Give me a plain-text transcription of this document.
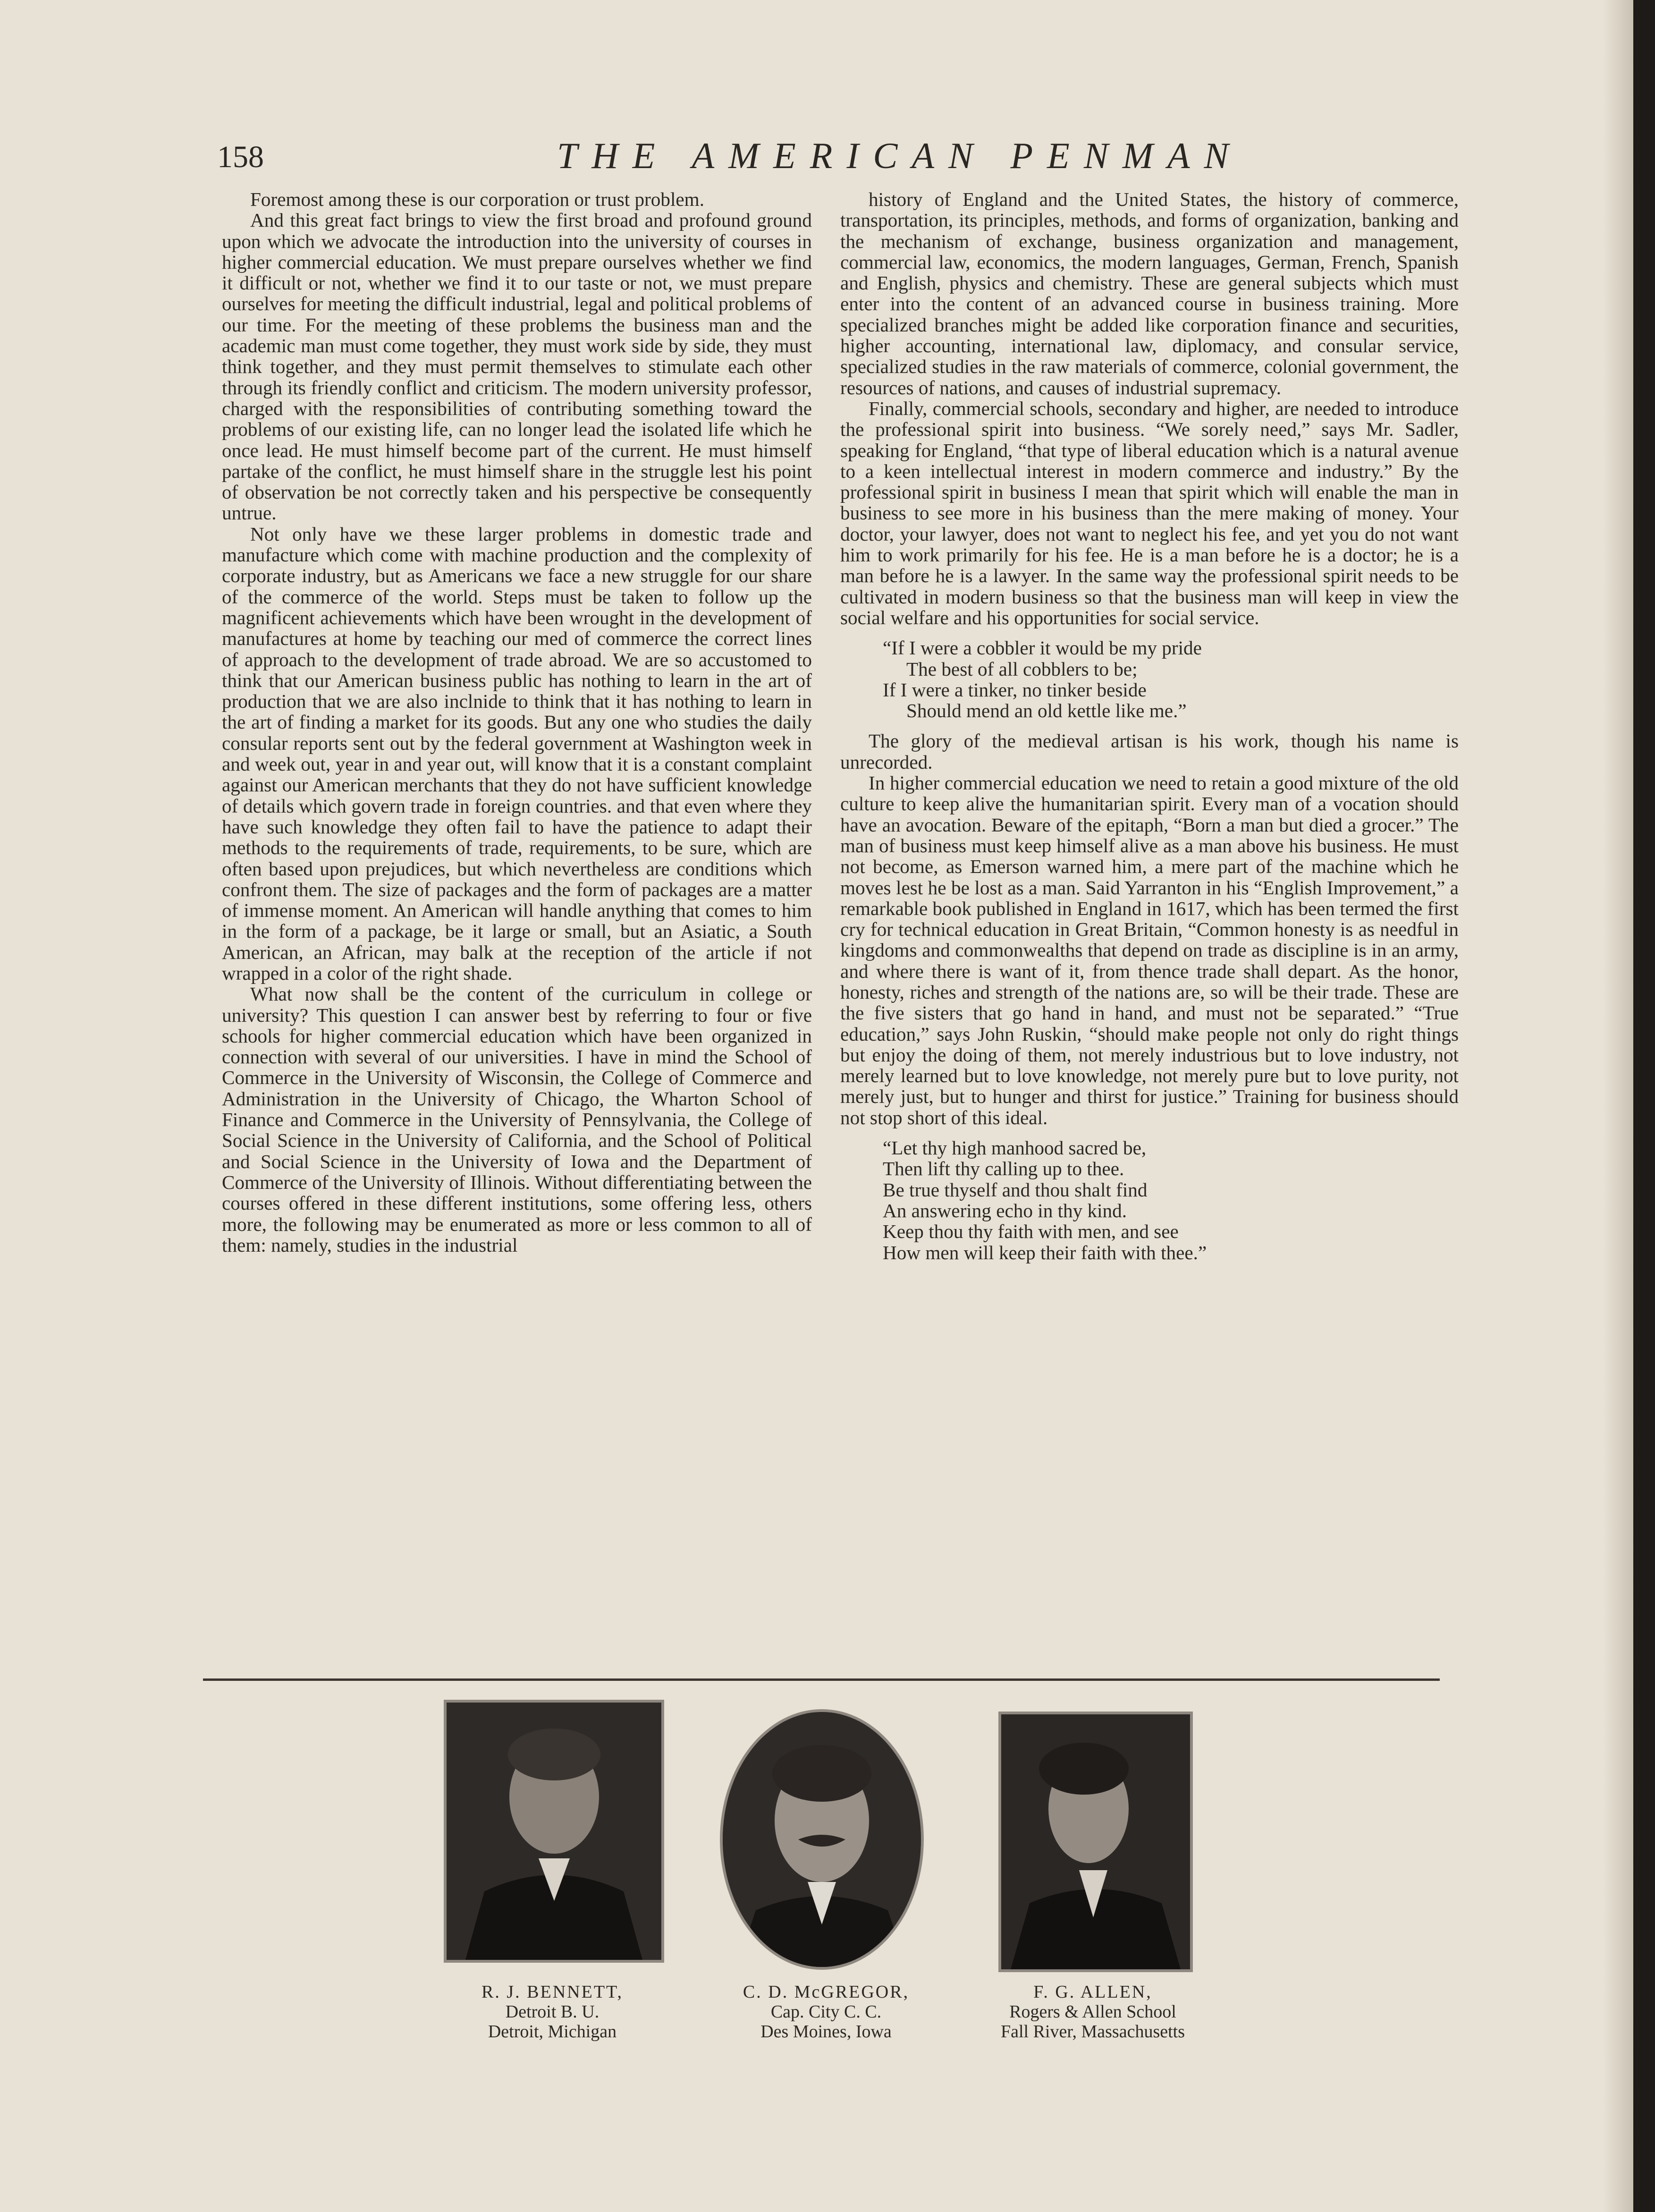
158	THE AMERICAN PENMAN

Foremost among these is our corporation or trust problem.

And this great fact brings to view the first broad and profound ground upon which we advocate the introduction into the university of courses in higher commercial education. We must prepare ourselves whether we find it difficult or not, whether we find it to our taste or not, we must prepare ourselves for meeting the difficult industrial, legal and political problems of our time. For the meeting of these problems the business man and the academic man must come together, they must work side by side, they must think together, and they must permit themselves to stimulate each other through its friendly conflict and criticism. The modern university professor, charged with the responsibilities of contributing something toward the problems of our existing life, can no longer lead the isolated life which he once lead. He must himself become part of the current. He must himself partake of the conflict, he must himself share in the struggle lest his point of observation be not correctly taken and his perspective be consequently untrue.

Not only have we these larger problems in domestic trade and manufacture which come with machine production and the complexity of corporate industry, but as Americans we face a new struggle for our share of the commerce of the world. Steps must be taken to follow up the magnificent achievements which have been wrought in the development of manufactures at home by teaching our med of commerce the correct lines of approach to the development of trade abroad. We are so accustomed to think that our American business public has nothing to learn in the art of production that we are also inclnide to think that it has nothing to learn in the art of finding a market for its goods. But any one who studies the daily consular reports sent out by the federal government at Washington week in and week out, year in and year out, will know that it is a constant complaint against our American merchants that they do not have sufficient knowledge of details which govern trade in foreign countries. and that even where they have such knowledge they often fail to have the patience to adapt their methods to the requirements of trade, requirements, to be sure, which are often based upon prejudices, but which nevertheless are conditions which confront them. The size of packages and the form of packages are a matter of immense moment. An American will handle anything that comes to him in the form of a package, be it large or small, but an Asiatic, a South American, an African, may balk at the reception of the article if not wrapped in a color of the right shade.

What now shall be the content of the curriculum in college or university? This question I can answer best by referring to four or five schools for higher commercial education which have been organized in connection with several of our universities. I have in mind the School of Commerce in the University of Wisconsin, the College of Commerce and Administration in the University of Chicago, the Wharton School of Finance and Commerce in the University of Pennsylvania, the College of Social Science in the University of California, and the School of Political and Social Science in the University of Iowa and the Department of Commerce of the University of Illinois. Without differentiating between the courses offered in these different institutions, some offering less, others more, the following may be enumerated as more or less common to all of them: namely, studies in the industrial

history of England and the United States, the history of commerce, transportation, its principles, methods, and forms of organization, banking and the mechanism of exchange, business organization and management, commercial law, economics, the modern languages, German, French, Spanish and English, physics and chemistry. These are general subjects which must enter into the content of an advanced course in business training. More specialized branches might be added like corporation finance and securities, higher accounting, international law, diplomacy, and consular service, specialized studies in the raw materials of commerce, colonial government, the resources of nations, and causes of industrial supremacy.

Finally, commercial schools, secondary and higher, are needed to introduce the professional spirit into business. “We sorely need,” says Mr. Sadler, speaking for England, “that type of liberal education which is a natural avenue to a keen intellectual interest in modern commerce and industry.” By the professional spirit in business I mean that spirit which will enable the man in business to see more in his business than the mere making of money. Your doctor, your lawyer, does not want to neglect his fee, and yet you do not want him to work primarily for his fee. He is a man before he is a doctor; he is a man before he is a lawyer. In the same way the professional spirit needs to be cultivated in modern business so that the business man will keep in view the social welfare and his opportunities for social service.

“If I were a cobbler it would be my pride
The best of all cobblers to be;
If I were a tinker, no tinker beside
Should mend an old kettle like me.”

The glory of the medieval artisan is his work, though his name is unrecorded.

In higher commercial education we need to retain a good mixture of the old culture to keep alive the humanitarian spirit. Every man of a vocation should have an avocation. Beware of the epitaph, “Born a man but died a grocer.” The man of business must keep himself alive as a man above his business. He must not become, as Emerson warned him, a mere part of the machine which he moves lest he be lost as a man. Said Yarranton in his “English Improvement,” a remarkable book published in England in 1617, which has been termed the first cry for technical education in Great Britain, “Common honesty is as needful in kingdoms and commonwealths that depend on trade as discipline is in an army, and where there is want of it, from thence trade shall depart. As the honor, honesty, riches and strength of the nations are, so will be their trade. These are the five sisters that go hand in hand, and must not be separated.” “True education,” says John Ruskin, “should make people not only do right things but enjoy the doing of them, not merely industrious but to love industry, not merely learned but to love knowledge, not merely pure but to love purity, not merely just, but to hunger and thirst for justice.” Training for business should not stop short of this ideal.

“Let thy high manhood sacred be,
Then lift thy calling up to thee.
Be true thyself and thou shalt find
An answering echo in thy kind.
Keep thou thy faith with men, and see
How men will keep their faith with thee.”
R. J. BENNETT,
Detroit B. U.
Detroit, Michigan
C. D. McGREGOR,
Cap. City C. C.
Des Moines, Iowa
F. G. ALLEN,
Rogers & Allen School
Fall River, Massachusetts
